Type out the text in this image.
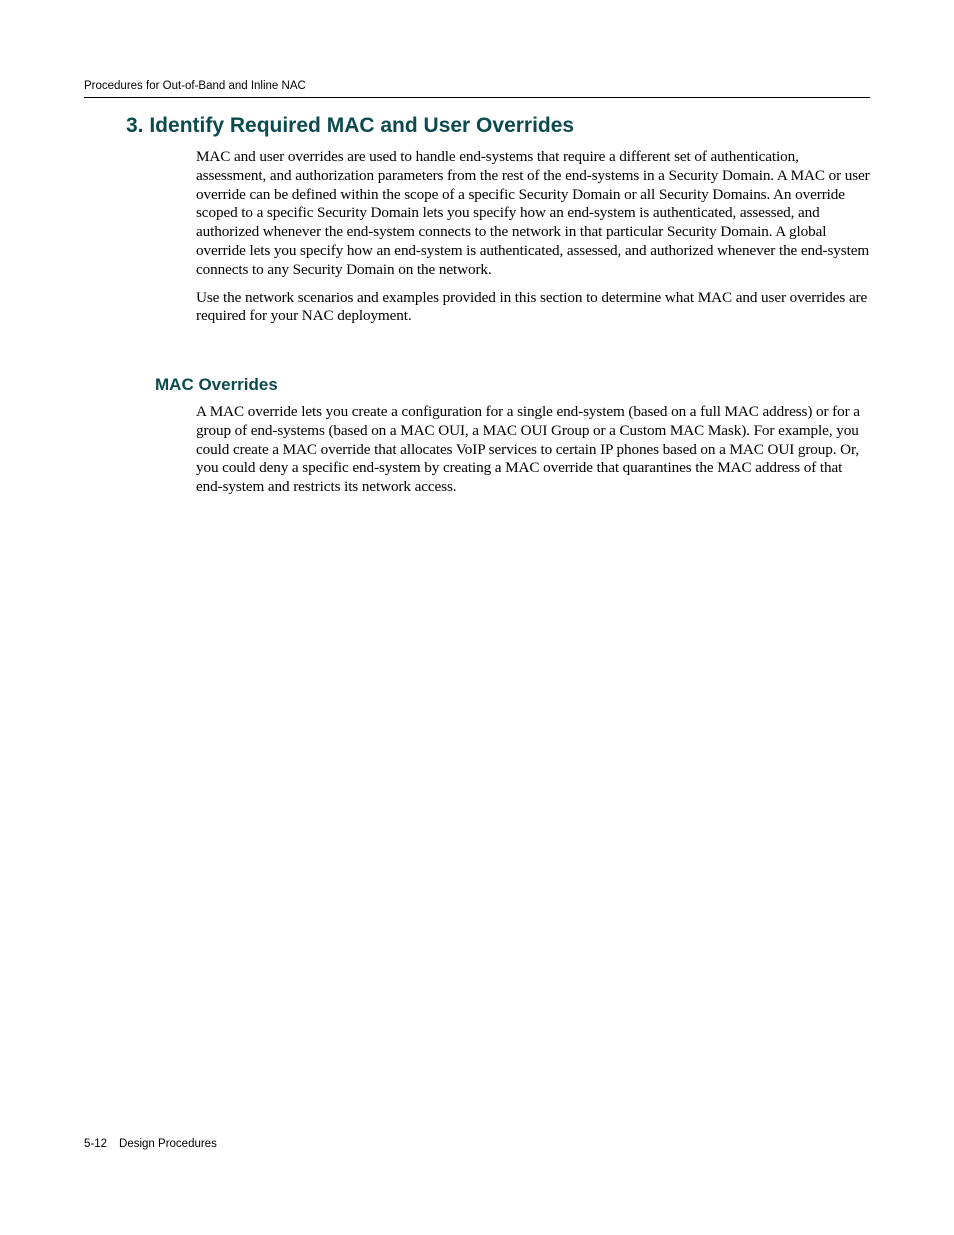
Procedures for Out-of-Band and Inline NAC
3. Identify Required MAC and User Overrides

MAC and user overrides are used to handle end-systems that require a different set of authentication, assessment, and authorization parameters from the rest of the end-systems in a Security Domain. A MAC or user override can be defined within the scope of a specific Security Domain or all Security Domains. An override scoped to a specific Security Domain lets you specify how an end-system is authenticated, assessed, and authorized whenever the end-system connects to the network in that particular Security Domain. A global override lets you specify how an end-system is authenticated, assessed, and authorized whenever the end-system connects to any Security Domain on the network.

Use the network scenarios and examples provided in this section to determine what MAC and user overrides are required for your NAC deployment.

MAC Overrides

A MAC override lets you create a configuration for a single end-system (based on a full MAC address) or for a group of end-systems (based on a MAC OUI, a MAC OUI Group or a Custom MAC Mask). For example, you could create a MAC override that allocates VoIP services to certain IP phones based on a MAC OUI group. Or, you could deny a specific end-system by creating a MAC override that quarantines the MAC address of that end-system and restricts its network access.

5-12 Design Procedures
